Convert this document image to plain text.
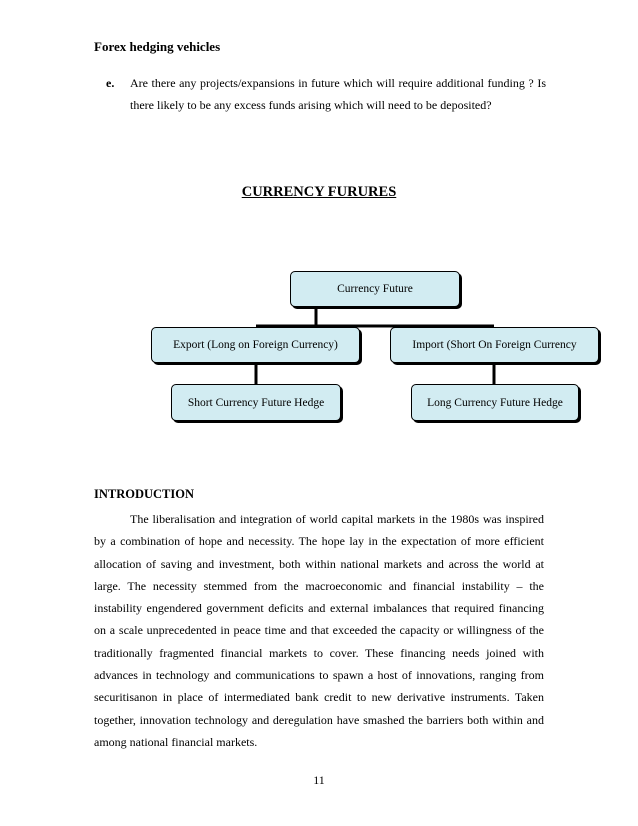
Forex hedging vehicles
e. Are there any projects/expansions in future which will require additional funding ? Is there likely to be any excess funds arising which will need to be deposited?
CURRENCY FURURES
Currency Future
Export (Long on Foreign Currency)	Import (Short On Foreign Currency
Short Currency Future Hedge	Long Currency Future Hedge
INTRODUCTION
The liberalisation and integration of world capital markets in the 1980s was inspired by a combination of hope and necessity. The hope lay in the expectation of more efficient allocation of saving and investment, both within national markets and across the world at large. The necessity stemmed from the macroeconomic and financial instability – the instability engendered government deficits and external imbalances that required financing on a scale unprecedented in peace time and that exceeded the capacity or willingness of the traditionally fragmented financial markets to cover. These financing needs joined with advances in technology and communications to spawn a host of innovations, ranging from securitisanon in place of intermediated bank credit to new derivative instruments. Taken together, innovation technology and deregulation have smashed the barriers both within and among national financial markets.
11
